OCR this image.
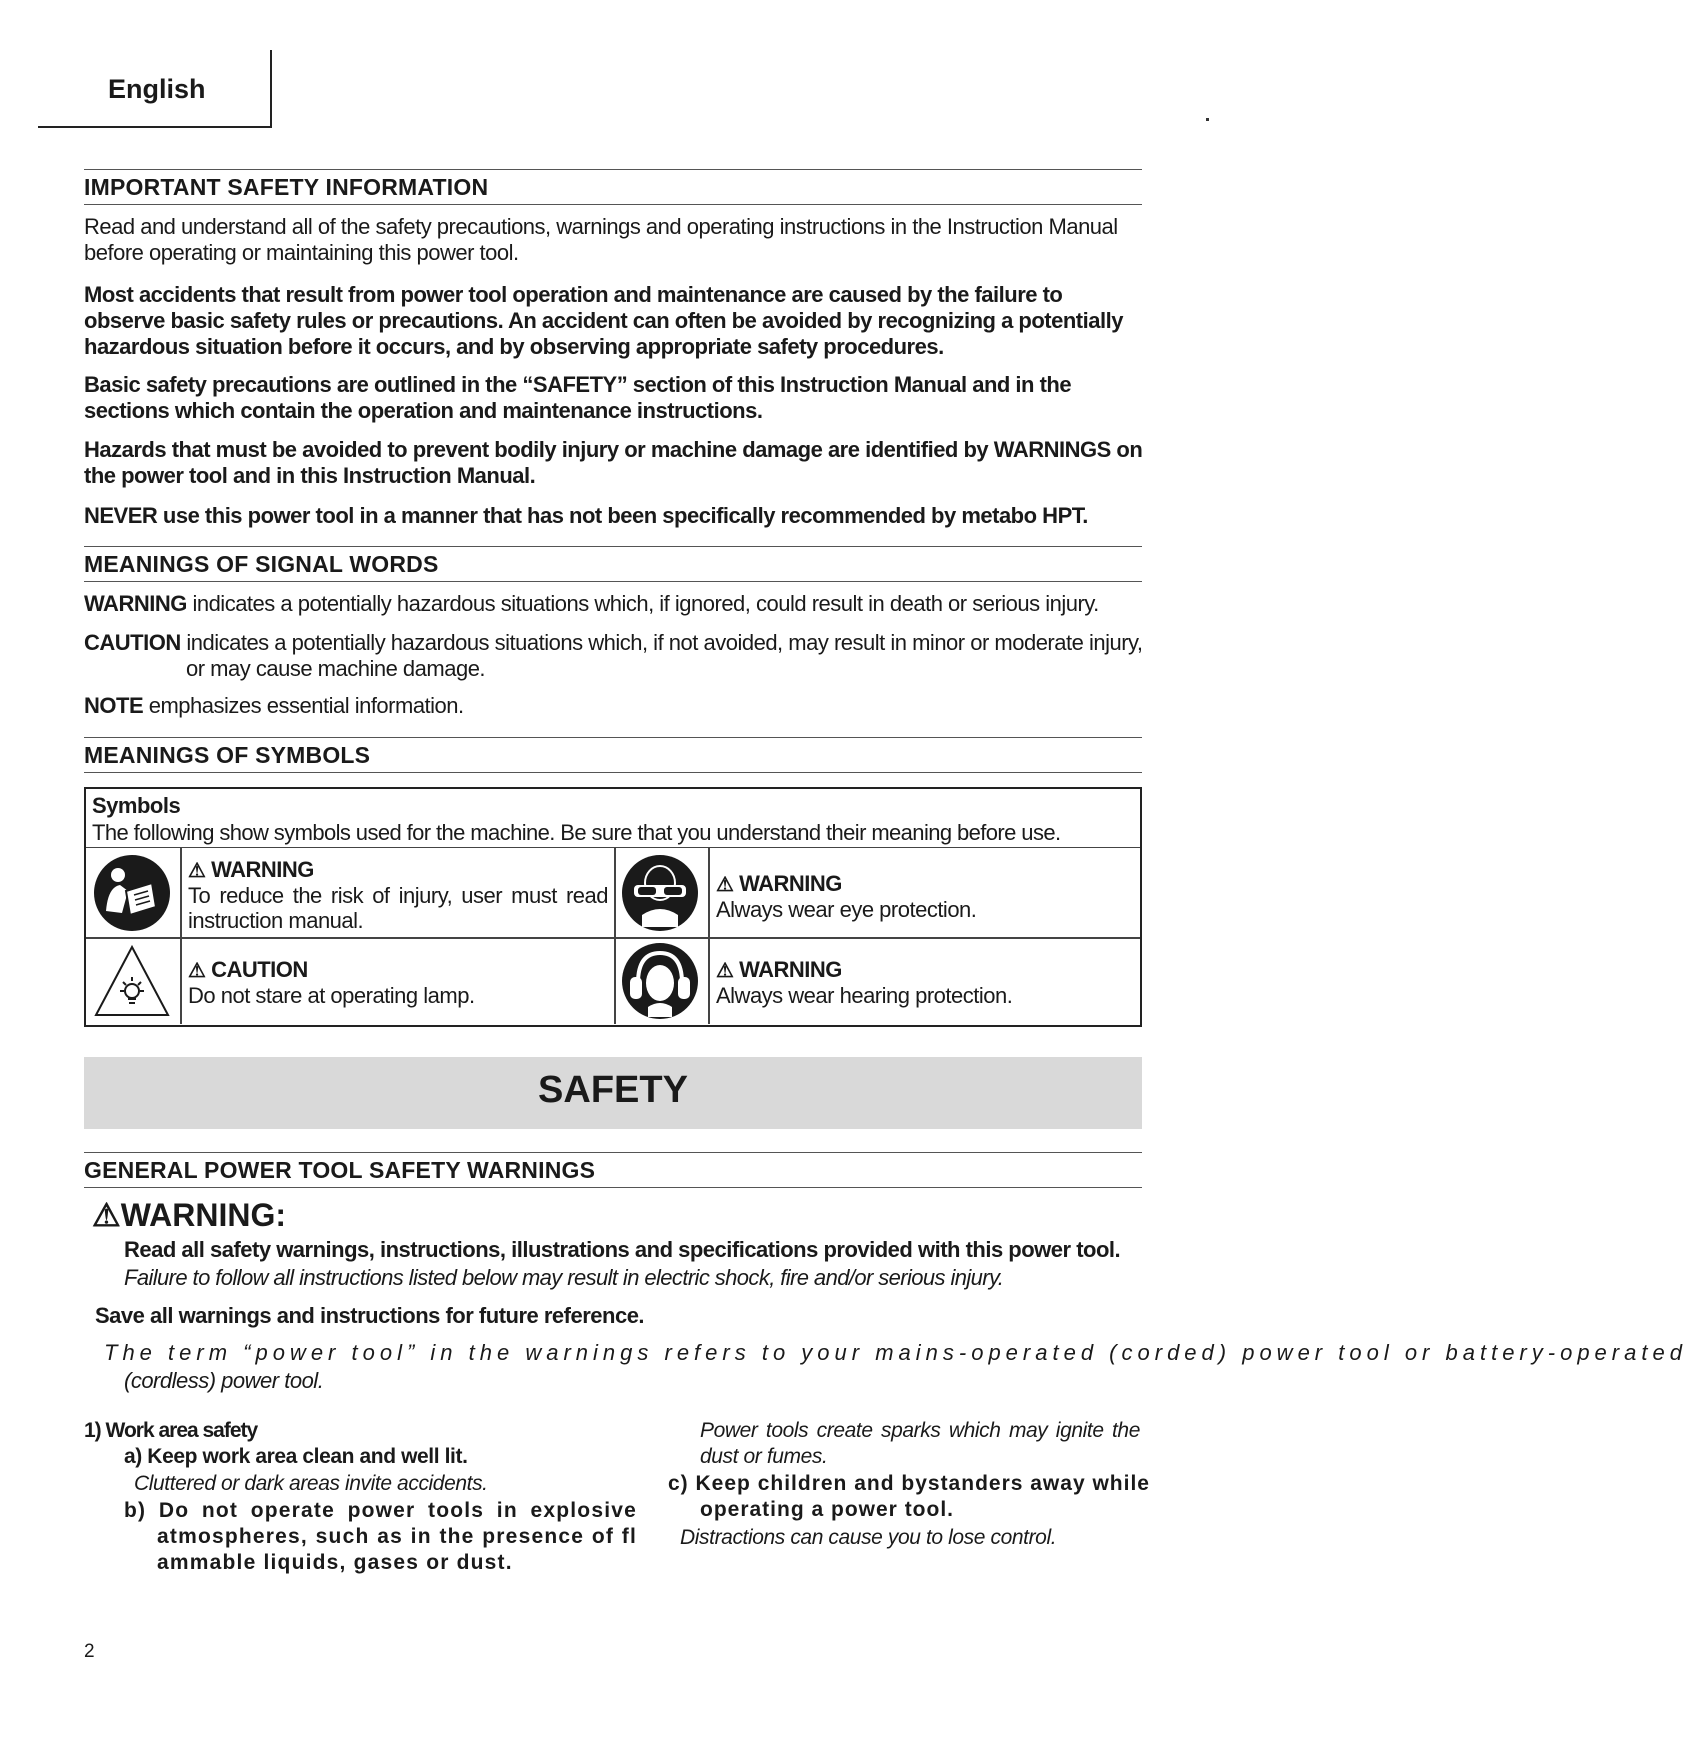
English
IMPORTANT SAFETY INFORMATION
Read and understand all of the safety precautions, warnings and operating instructions in the Instruction Manual before operating or maintaining this power tool.
Most accidents that result from power tool operation and maintenance are caused by the failure to observe basic safety rules or precautions. An accident can often be avoided by recognizing a potentially hazardous situation before it occurs, and by observing appropriate safety procedures.
Basic safety precautions are outlined in the “SAFETY” section of this Instruction Manual and in the sections which contain the operation and maintenance instructions.
Hazards that must be avoided to prevent bodily injury or machine damage are identified by WARNINGS on the power tool and in this Instruction Manual.
NEVER use this power tool in a manner that has not been specifically recommended by metabo HPT.
MEANINGS OF SIGNAL WORDS
WARNING indicates a potentially hazardous situations which, if ignored, could result in death or serious injury.
CAUTION indicates a potentially hazardous situations which, if not avoided, may result in minor or moderate injury, or may cause machine damage.
NOTE emphasizes essential information.
MEANINGS OF SYMBOLS
Symbols
The following show symbols used for the machine. Be sure that you understand their meaning before use.
⚠ WARNING
To reduce the risk of injury, user must read instruction manual.
⚠ WARNING
Always wear eye protection.
⚠ CAUTION
Do not stare at operating lamp.
⚠ WARNING
Always wear hearing protection.
SAFETY
GENERAL POWER TOOL SAFETY WARNINGS
⚠WARNING:
Read all safety warnings, instructions, illustrations and specifications provided with this power tool.
Failure to follow all instructions listed below may result in electric shock, fire and/or serious injury.
Save all warnings and instructions for future reference.
The term “power tool” in the warnings refers to your mains-operated (corded) power tool or battery-operated
(cordless) power tool.
1) Work area safety
a) Keep work area clean and well lit.
Cluttered or dark areas invite accidents.
b) Do not operate power tools in explosive atmospheres, such as in the presence of fl ammable liquids, gases or dust.
Power tools create sparks which may ignite the dust or fumes.
c) Keep children and bystanders away while operating a power tool.
Distractions can cause you to lose control.
2
